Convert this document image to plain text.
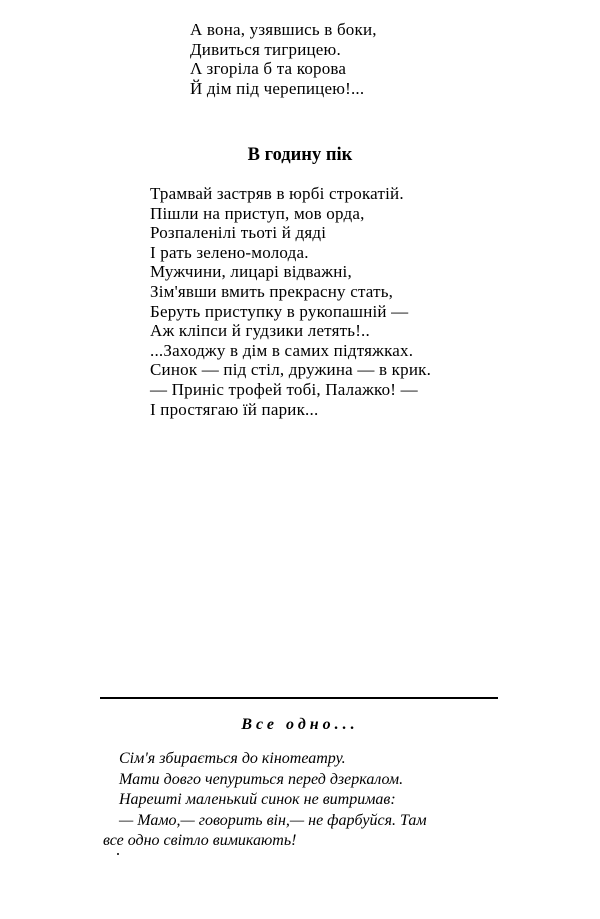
А вона, узявшись в боки,
Дивиться тигрицею.
Λ згоріла б та корова
Й дім під черепицею!...
В годину пік
Трамвай застряв в юрбі строкатій.
Пішли на приступ, мов орда,
Розпаленілі тьоті й дяді
І рать зелено-молода.
Мужчини, лицарі відважні,
Зім'явши вмить прекрасну стать,
Беруть приступку в рукопашній —
Аж кліпси й гудзики летять!..
...Заходжу в дім в самих підтяжках.
Синок — під стіл, дружина — в крик.
— Приніс трофей тобі, Палажко! —
І простягаю їй парик...
Все одно...
Сім'я збирається до кінотеатру.
Мати довго чепуриться перед дзеркалом.
Нарешті маленький синок не витримав:
— Мамо,— говорить він,— не фарбуйся. Там
все одно світло вимикають!
